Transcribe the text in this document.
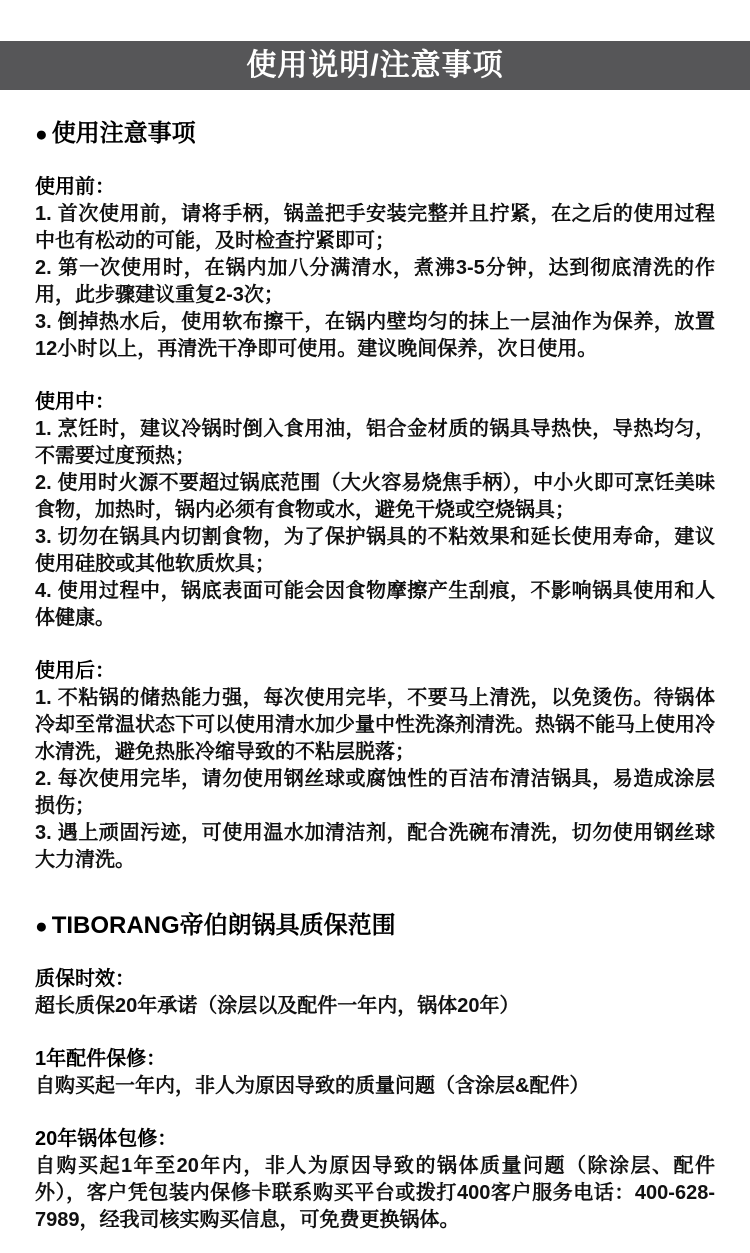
使用说明/注意事项
● 使用注意事项

使用前：

1. 首次使用前，请将手柄，锅盖把手安装完整并且拧紧，在之后的使用过程中也有松动的可能，及时检查拧紧即可；

2. 第一次使用时，在锅内加八分满清水，煮沸3-5分钟，达到彻底清洗的作用，此步骤建议重复2-3次；

3. 倒掉热水后，使用软布擦干，在锅内壁均匀的抹上一层油作为保养，放置12小时以上，再清洗干净即可使用。建议晚间保养，次日使用。

使用中：

1. 烹饪时，建议冷锅时倒入食用油，铝合金材质的锅具导热快，导热均匀，不需要过度预热；

2. 使用时火源不要超过锅底范围（大火容易烧焦手柄），中小火即可烹饪美味食物，加热时，锅内必须有食物或水，避免干烧或空烧锅具；

3. 切勿在锅具内切割食物，为了保护锅具的不粘效果和延长使用寿命，建议使用硅胶或其他软质炊具；

4. 使用过程中，锅底表面可能会因食物摩擦产生刮痕，不影响锅具使用和人体健康。

使用后：

1. 不粘锅的储热能力强，每次使用完毕，不要马上清洗，以免烫伤。待锅体冷却至常温状态下可以使用清水加少量中性洗涤剂清洗。热锅不能马上使用冷水清洗，避免热胀冷缩导致的不粘层脱落；

2. 每次使用完毕，请勿使用钢丝球或腐蚀性的百洁布清洁锅具，易造成涂层损伤；

3. 遇上顽固污迹，可使用温水加清洁剂，配合洗碗布清洗，切勿使用钢丝球大力清洗。

● TIBORANG帝伯朗锅具质保范围

质保时效：

超长质保20年承诺（涂层以及配件一年内，锅体20年）

1年配件保修：

自购买起一年内，非人为原因导致的质量问题（含涂层&配件）

20年锅体包修：

自购买起1年至20年内，非人为原因导致的锅体质量问题（除涂层、配件外），客户凭包装内保修卡联系购买平台或拨打400客户服务电话：400-628-7989，经我司核实购买信息，可免费更换锅体。
